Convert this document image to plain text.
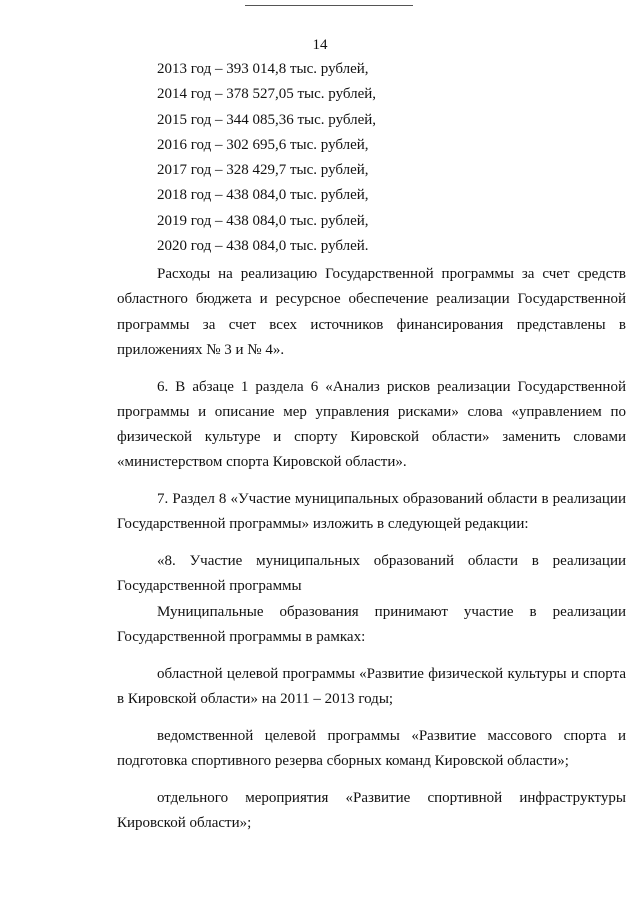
14
2013 год – 393 014,8 тыс. рублей,
2014 год – 378 527,05 тыс. рублей,
2015 год – 344 085,36 тыс. рублей,
2016 год – 302 695,6 тыс. рублей,
2017 год – 328 429,7 тыс. рублей,
2018 год – 438 084,0 тыс. рублей,
2019 год – 438 084,0 тыс. рублей,
2020 год – 438 084,0 тыс. рублей.

Расходы на реализацию Государственной программы за счет средств областного бюджета и ресурсное обеспечение реализации Государственной программы за счет всех источников финансирования представлены в приложениях № 3 и № 4».

6. В абзаце 1 раздела 6 «Анализ рисков реализации Государственной программы и описание мер управления рисками» слова «управлением по физической культуре и спорту Кировской области» заменить словами «министерством спорта Кировской области».

7. Раздел 8 «Участие муниципальных образований области в реализации Государственной программы» изложить в следующей редакции:

«8. Участие муниципальных образований области в реализации Государственной программы

Муниципальные образования принимают участие в реализации Государственной программы в рамках:

областной целевой программы «Развитие физической культуры и спорта в Кировской области» на 2011 – 2013 годы;

ведомственной целевой программы «Развитие массового спорта и подготовка спортивного резерва сборных команд Кировской области»;

отдельного мероприятия «Развитие спортивной инфраструктуры Кировской области»;
